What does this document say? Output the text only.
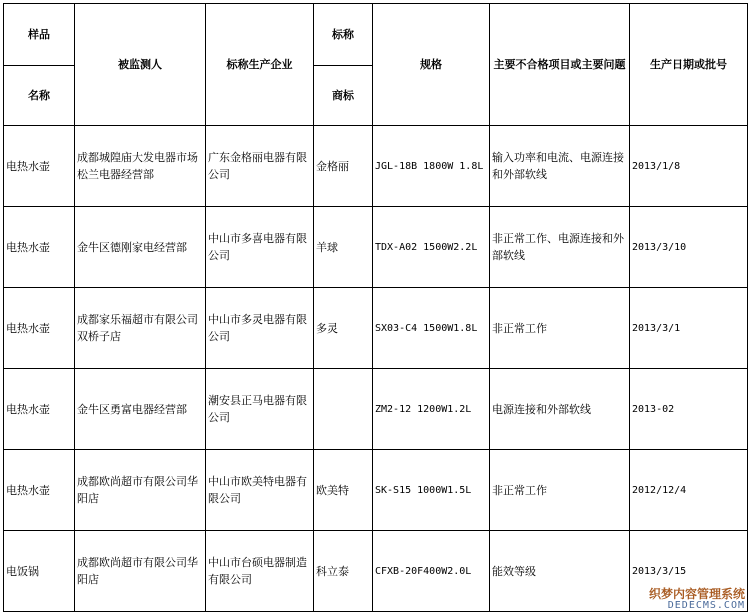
样品	被监测人	标称生产企业	标称	规格	主要不合格项目或主要问题	生产日期或批号
名称			商标			
电热水壶	成都城隍庙大发电器市场松兰电器经营部	广东金格丽电器有限公司	金格丽	JGL-18B 1800W 1.8L	输入功率和电流、电源连接和外部软线	2013/1/8
电热水壶	金牛区德刚家电经营部	中山市多喜电器有限公司	羊球	TDX-A02 1500W2.2L	非正常工作、电源连接和外部软线	2013/3/10
电热水壶	成都家乐福超市有限公司双桥子店	中山市多灵电器有限公司	多灵	SX03-C4 1500W1.8L	非正常工作	2013/3/1
电热水壶	金牛区勇富电器经营部	潮安县正马电器有限公司		ZM2-12 1200W1.2L	电源连接和外部软线	2013-02
电热水壶	成都欧尚超市有限公司华阳店	中山市欧美特电器有限公司	欧美特	SK-S15 1000W1.5L	非正常工作	2012/12/4
电饭锅	成都欧尚超市有限公司华阳店	中山市台硕电器制造有限公司	科立泰	CFXB-20F400W2.0L	能效等级	2013/3/15
织梦内容管理系统
DEDECMS.COM
